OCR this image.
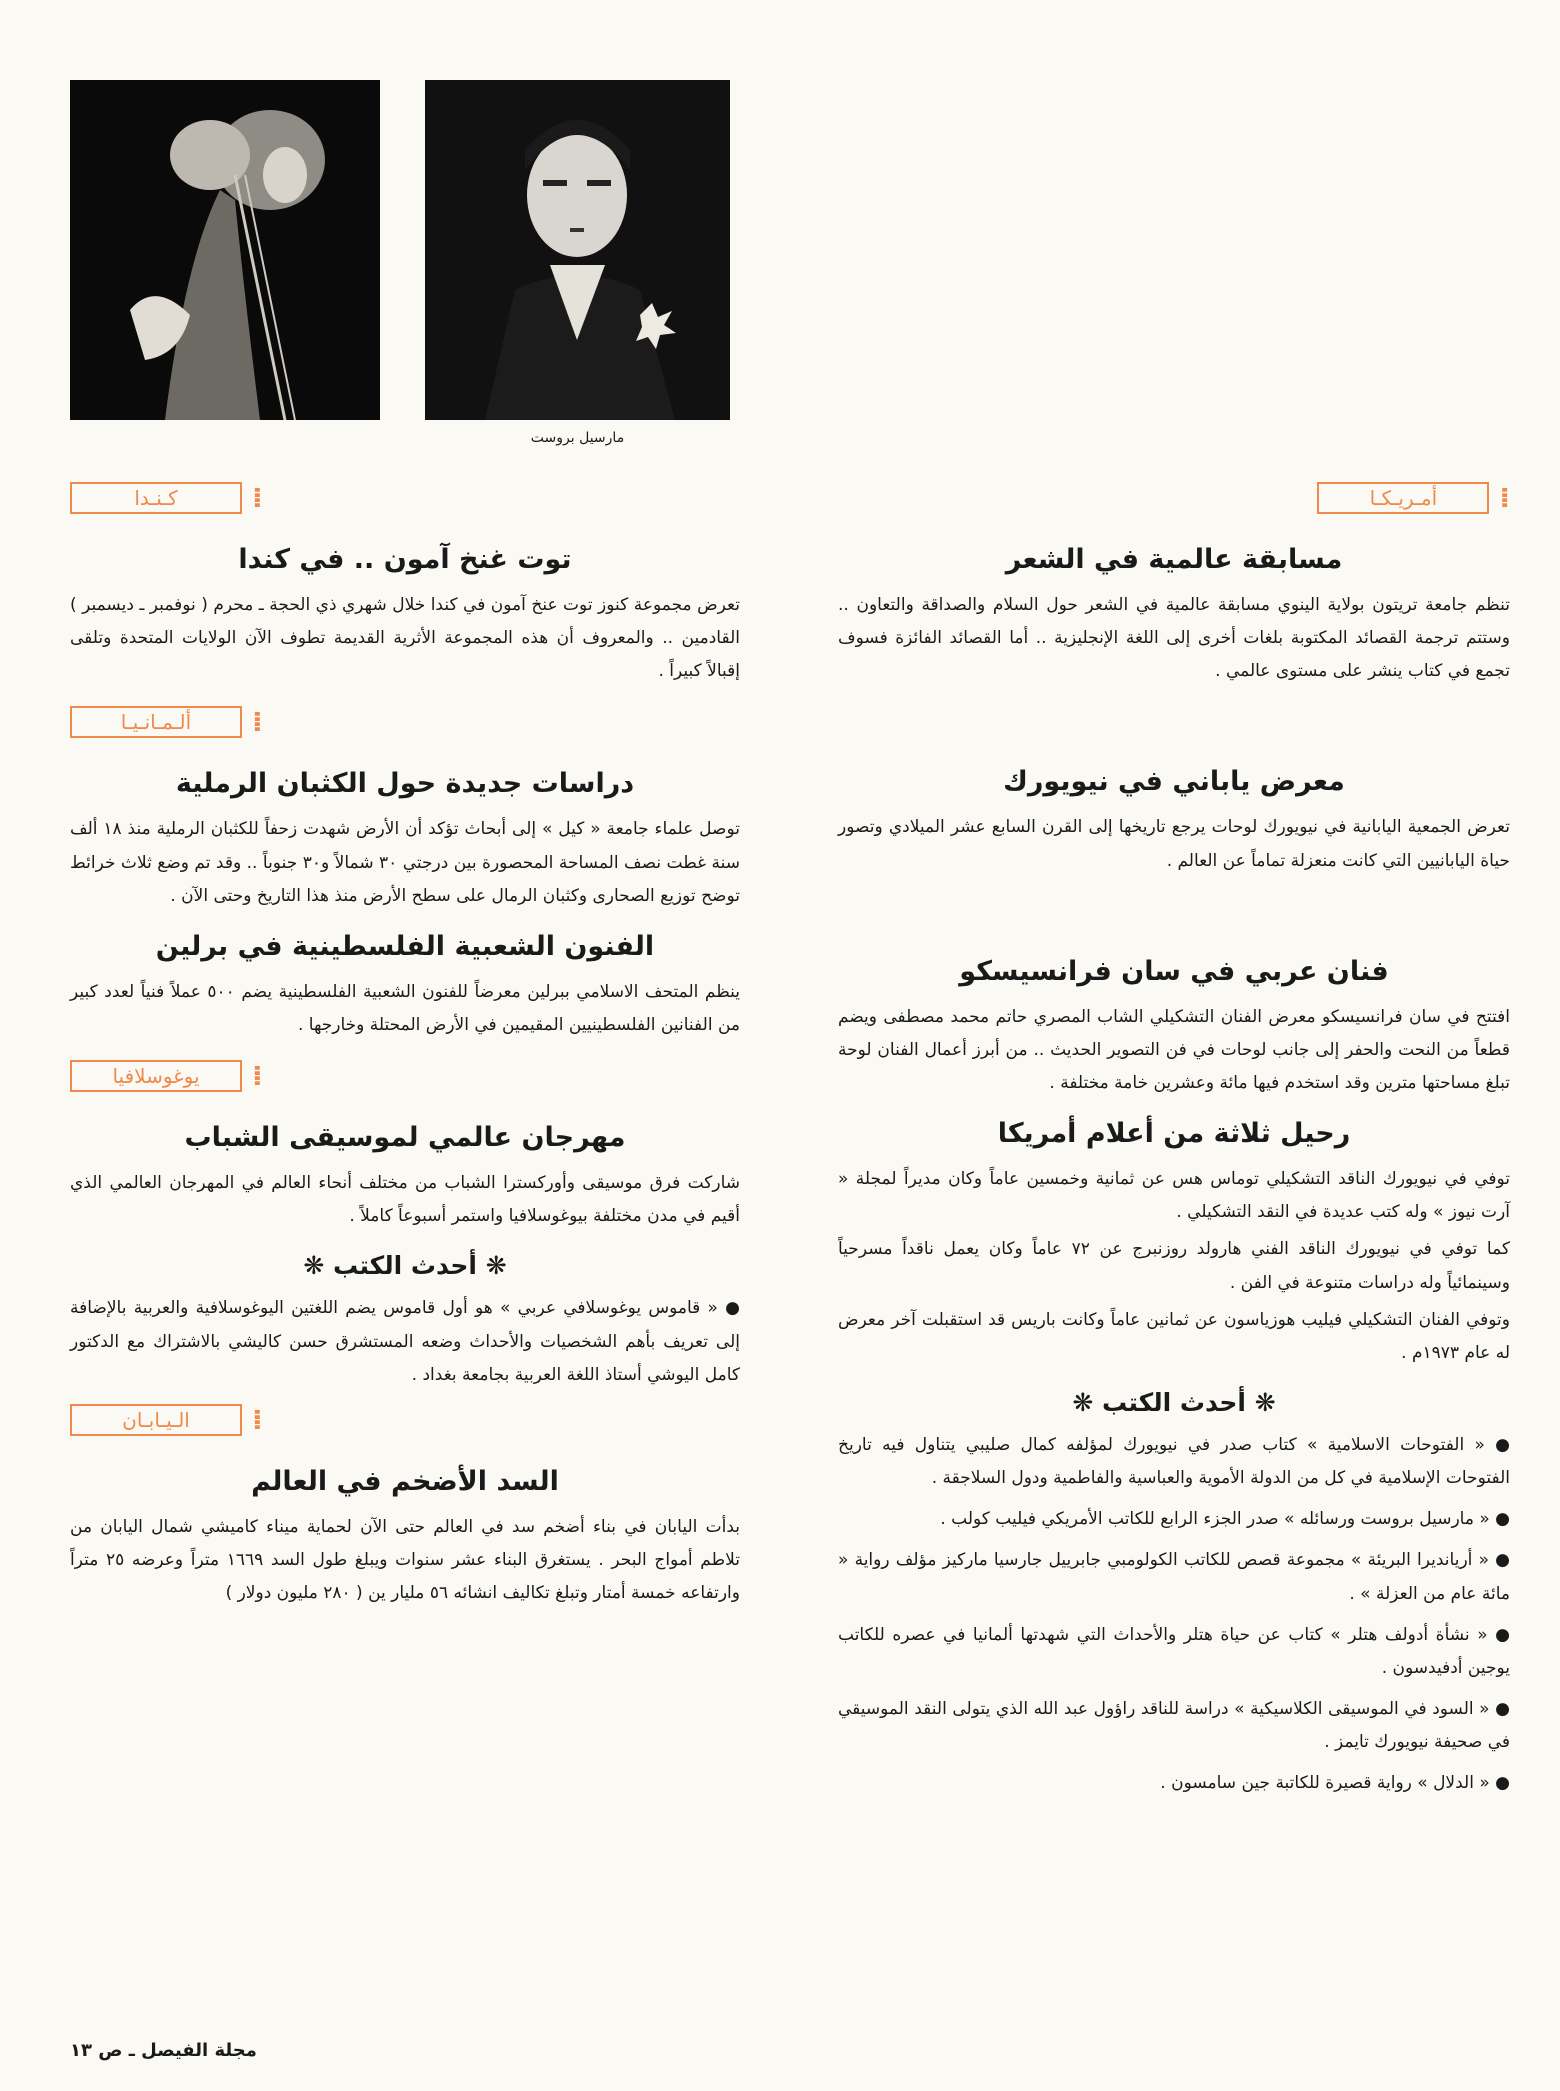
مارسيل بروست
أمـريـكـا	⁞
مسابقة عالمية في الشعر

تنظم جامعة تريتون بولاية الينوي مسابقة عالمية في الشعر حول السلام والصداقة والتعاون .. وستتم ترجمة القصائد المكتوبة بلغات أخرى إلى اللغة الإنجليزية .. أما القصائد الفائزة فسوف تجمع في كتاب ينشر على مستوى عالمي .

معرض ياباني في نيويورك

تعرض الجمعية اليابانية في نيويورك لوحات يرجع تاريخها إلى القرن السابع عشر الميلادي وتصور حياة اليابانيين التي كانت منعزلة تماماً عن العالم .

فنان عربي في سان فرانسيسكو

افتتح في سان فرانسيسكو معرض الفنان التشكيلي الشاب المصري حاتم محمد مصطفى ويضم قطعاً من النحت والحفر إلى جانب لوحات في فن التصوير الحديث .. من أبرز أعمال الفنان لوحة تبلغ مساحتها مترين وقد استخدم فيها مائة وعشرين خامة مختلفة .

رحيل ثلاثة من أعلام أمريكا

توفي في نيويورك الناقد التشكيلي توماس هس عن ثمانية وخمسين عاماً وكان مديراً لمجلة « آرت نيوز » وله كتب عديدة في النقد التشكيلي .

كما توفي في نيويورك الناقد الفني هارولد روزنبرج عن ٧٢ عاماً وكان يعمل ناقداً مسرحياً وسينمائياً وله دراسات متنوعة في الفن .

وتوفي الفنان التشكيلي فيليب هوزياسون عن ثمانين عاماً وكانت باريس قد استقبلت آخر معرض له عام ١٩٧٣م .

❋ أحدث الكتب ❋
● « الفتوحات الاسلامية » كتاب صدر في نيويورك لمؤلفه كمال صليبي يتناول فيه تاريخ الفتوحات الإسلامية في كل من الدولة الأموية والعباسية والفاطمية ودول السلاجقة .
● « مارسيل بروست ورسائله » صدر الجزء الرابع للكاتب الأمريكي فيليب كولب .
● « أريانديرا البريئة » مجموعة قصص للكاتب الكولومبي جابرييل جارسيا ماركيز مؤلف رواية « مائة عام من العزلة » .
● « نشأة أدولف هتلر » كتاب عن حياة هتلر والأحداث التي شهدتها ألمانيا في عصره للكاتب يوجين أدفيدسون .
● « السود في الموسيقى الكلاسيكية » دراسة للناقد راؤول عبد الله الذي يتولى النقد الموسيقي في صحيفة نيويورك تايمز .
● « الدلال » رواية قصيرة للكاتبة جين سامسون .
كـنـدا	⁞
توت غنخ آمون .. في كندا

تعرض مجموعة كنوز توت عنخ آمون في كندا خلال شهري ذي الحجة ـ محرم ( نوفمبر ـ ديسمبر ) القادمين .. والمعروف أن هذه المجموعة الأثرية القديمة تطوف الآن الولايات المتحدة وتلقى إقبالاً كبيراً .

ألـمـانـيـا	⁞
دراسات جديدة حول الكثبان الرملية

توصل علماء جامعة « كيل » إلى أبحاث تؤكد أن الأرض شهدت زحفاً للكثبان الرملية منذ ١٨ ألف سنة غطت نصف المساحة المحصورة بين درجتي ٣٠ شمالاً و٣٠ جنوباً .. وقد تم وضع ثلاث خرائط توضح توزيع الصحارى وكثبان الرمال على سطح الأرض منذ هذا التاريخ وحتى الآن .

الفنون الشعبية الفلسطينية في برلين

ينظم المتحف الاسلامي ببرلين معرضاً للفنون الشعبية الفلسطينية يضم ٥٠٠ عملاً فنياً لعدد كبير من الفنانين الفلسطينيين المقيمين في الأرض المحتلة وخارجها .

يوغوسلافيا	⁞
مهرجان عالمي لموسيقى الشباب

شاركت فرق موسيقى وأوركسترا الشباب من مختلف أنحاء العالم في المهرجان العالمي الذي أقيم في مدن مختلفة بيوغوسلافيا واستمر أسبوعاً كاملاً .

❋ أحدث الكتب ❋
● « قاموس يوغوسلافي عربي » هو أول قاموس يضم اللغتين اليوغوسلافية والعربية بالإضافة إلى تعريف بأهم الشخصيات والأحداث وضعه المستشرق حسن كاليشي بالاشتراك مع الدكتور كامل اليوشي أستاذ اللغة العربية بجامعة بغداد .
الـيـابـان	⁞
السد الأضخم في العالم

بدأت اليابان في بناء أضخم سد في العالم حتى الآن لحماية ميناء كاميشي شمال اليابان من تلاطم أمواج البحر . يستغرق البناء عشر سنوات ويبلغ طول السد ١٦٦٩ متراً وعرضه ٢٥ متراً وارتفاعه خمسة أمتار وتبلغ تكاليف انشائه ٥٦ مليار ين ( ٢٨٠ مليون دولار )

مجلة الفيصل ـ ص ١٣
